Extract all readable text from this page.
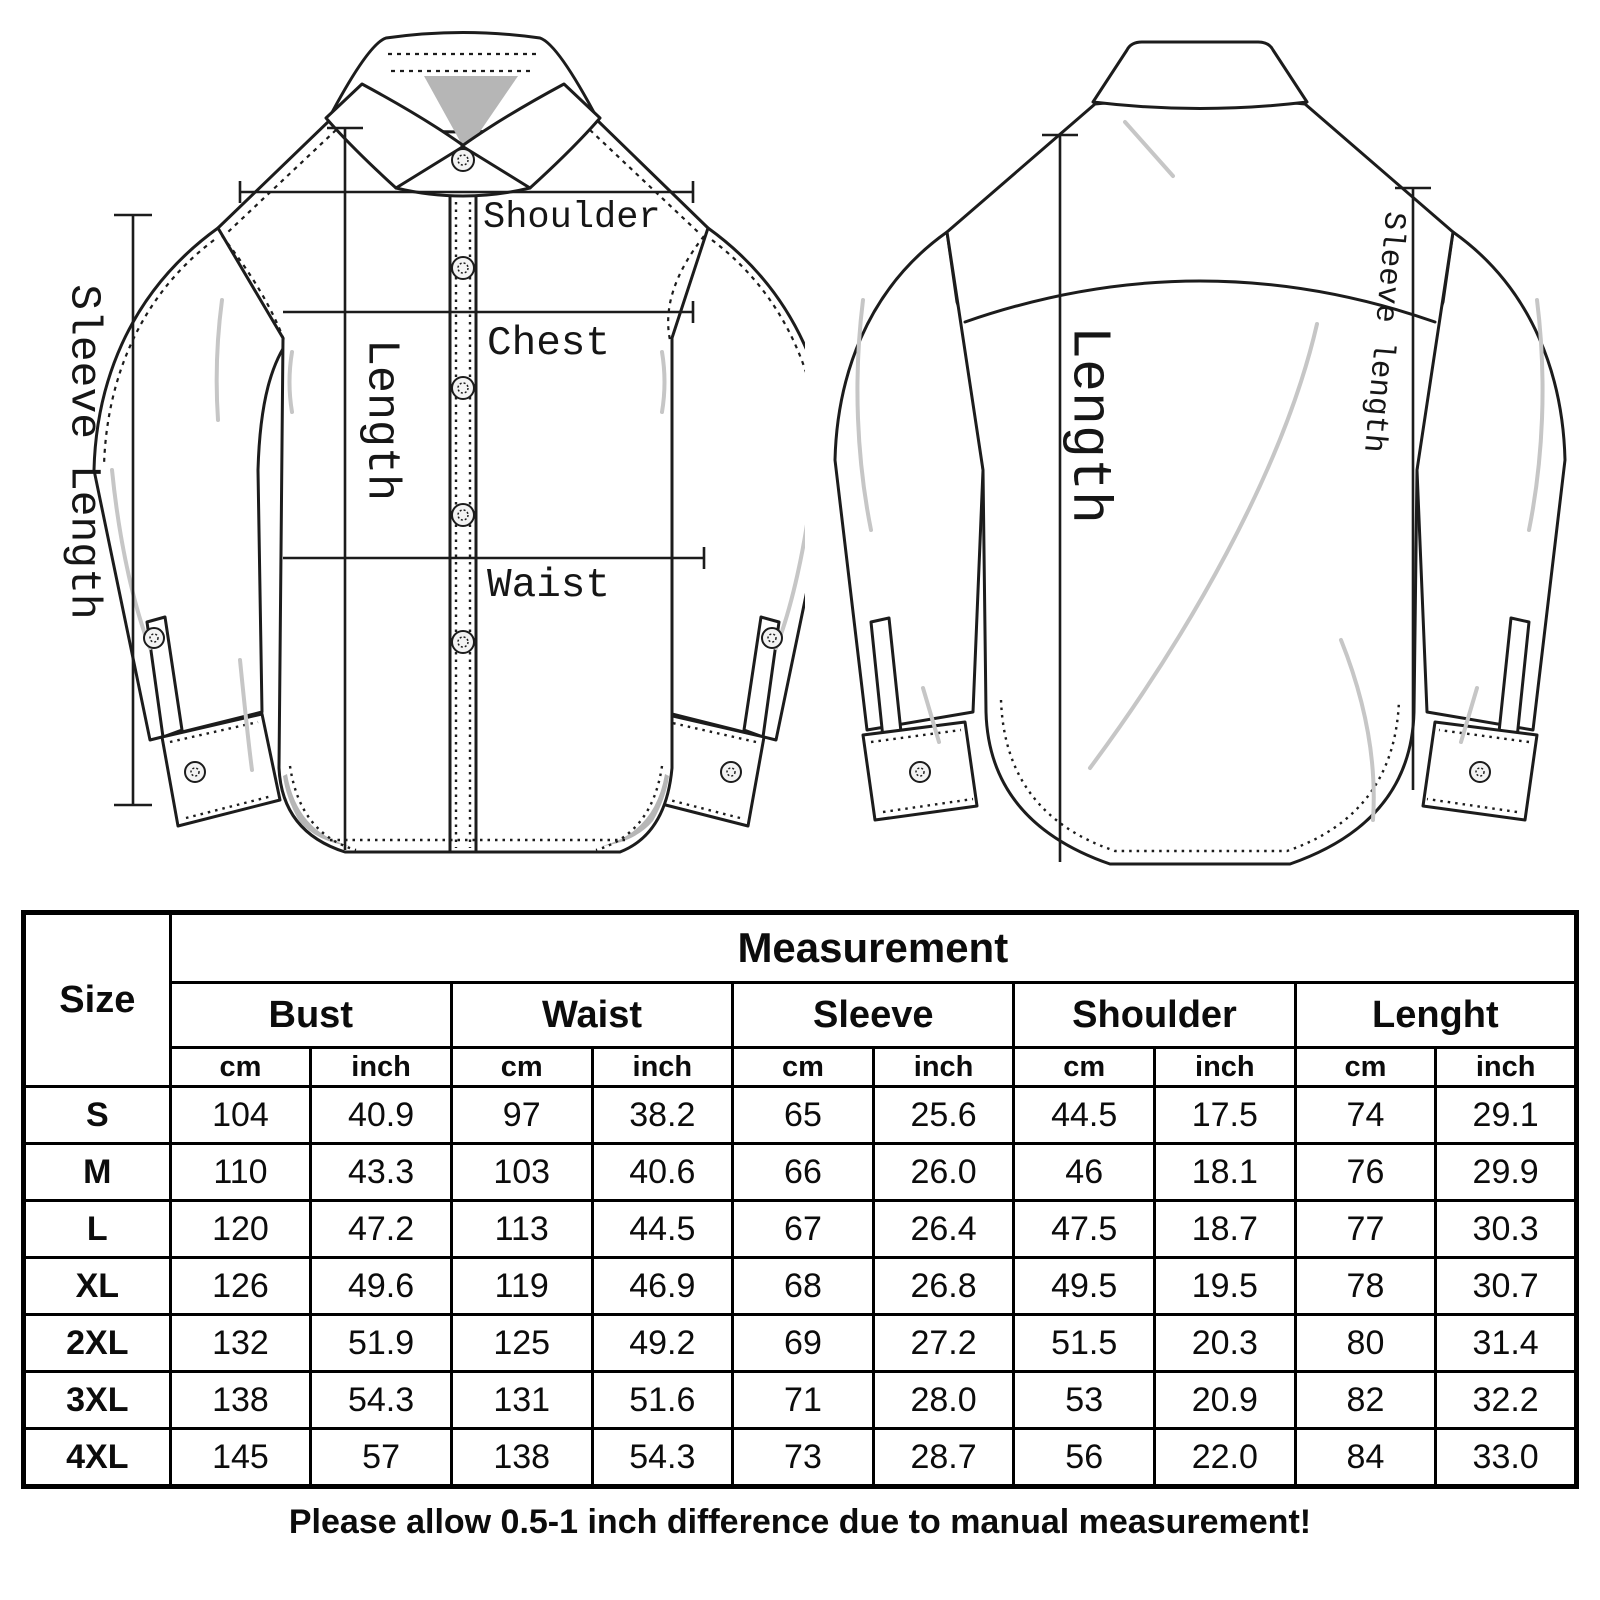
Shoulder
Chest
Waist
Length
Sleeve Length	Length	Sleeve length
Size	Measurement									
	Bust		Waist		Sleeve		Shoulder		Lenght	
	cm	inch	cm	inch	cm	inch	cm	inch	cm	inch
S	104	40.9	97	38.2	65	25.6	44.5	17.5	74	29.1
M	110	43.3	103	40.6	66	26.0	46	18.1	76	29.9
L	120	47.2	113	44.5	67	26.4	47.5	18.7	77	30.3
XL	126	49.6	119	46.9	68	26.8	49.5	19.5	78	30.7
2XL	132	51.9	125	49.2	69	27.2	51.5	20.3	80	31.4
3XL	138	54.3	131	51.6	71	28.0	53	20.9	82	32.2
4XL	145	57	138	54.3	73	28.7	56	22.0	84	33.0
Please allow 0.5-1 inch difference due to manual measurement!
